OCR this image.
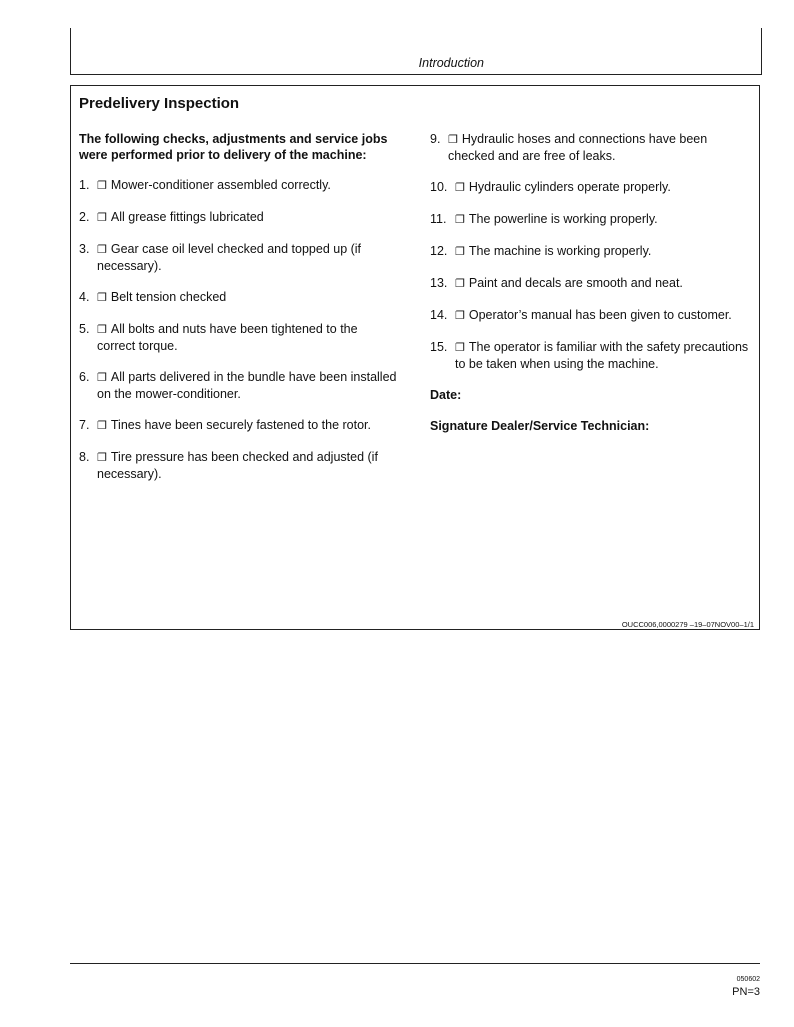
Introduction
Predelivery Inspection

The following checks, adjustments and service jobs were performed prior to delivery of the machine:

1. ❐ Mower-conditioner assembled correctly.
2. ❐ All grease fittings lubricated
3. ❐ Gear case oil level checked and topped up (if necessary).
4. ❐ Belt tension checked
5. ❐ All bolts and nuts have been tightened to the correct torque.
6. ❐ All parts delivered in the bundle have been installed on the mower-conditioner.
7. ❐ Tines have been securely fastened to the rotor.
8. ❐ Tire pressure has been checked and adjusted (if necessary).
9. ❐ Hydraulic hoses and connections have been checked and are free of leaks.
10. ❐ Hydraulic cylinders operate properly.
11. ❐ The powerline is working properly.
12. ❐ The machine is working properly.
13. ❐ Paint and decals are smooth and neat.
14. ❐ Operator’s manual has been given to customer.
15. ❐ The operator is familiar with the safety precautions to be taken when using the machine.

Date:

Signature Dealer/Service Technician:

OUCC006,0000279 –19–07NOV00–1/1
050602
PN=3
